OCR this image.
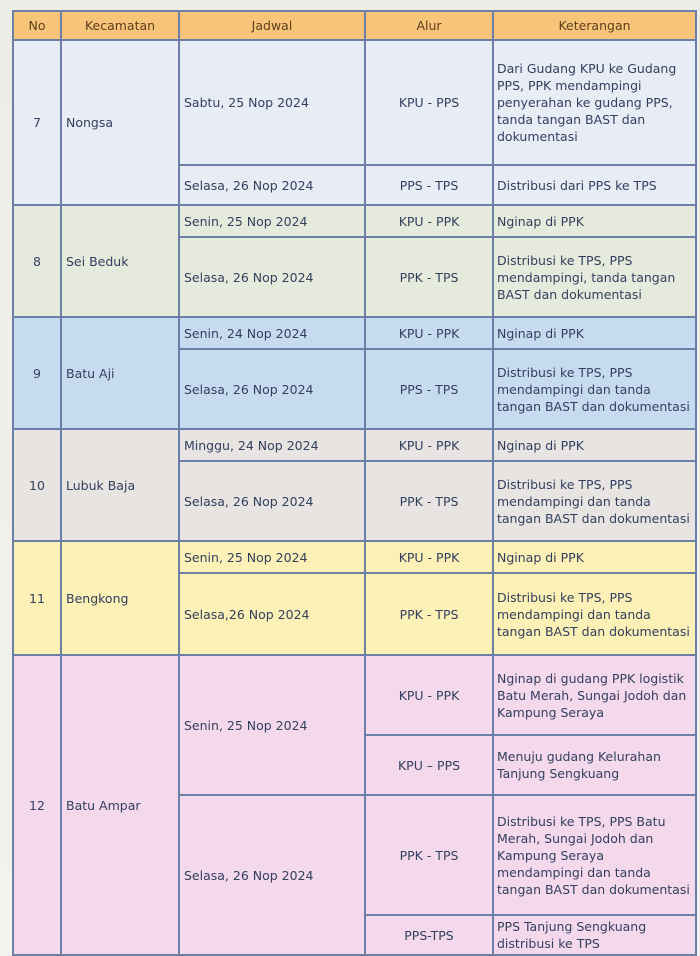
No	Kecamatan	Jadwal	Alur	Keterangan
7	Nongsa	Sabtu, 25 Nop 2024	KPU - PPS	Dari Gudang KPU ke Gudang PPS, PPK mendampingi penyerahan ke gudang PPS, tanda tangan BAST dan dokumentasi
		Selasa, 26 Nop 2024	PPS - TPS	Distribusi dari PPS ke TPS
8	Sei Beduk	Senin, 25 Nop 2024	KPU - PPK	Nginap di PPK
		Selasa, 26 Nop 2024	PPK - TPS	Distribusi ke TPS, PPS mendampingi, tanda tangan BAST dan dokumentasi
9	Batu Aji	Senin, 24 Nop 2024	KPU - PPK	Nginap di PPK
		Selasa, 26 Nop 2024	PPS - TPS	Distribusi ke TPS, PPS mendampingi dan tanda tangan BAST dan dokumentasi
10	Lubuk Baja	Minggu, 24 Nop 2024	KPU - PPK	Nginap di PPK
		Selasa, 26 Nop 2024	PPK - TPS	Distribusi ke TPS, PPS mendampingi dan tanda tangan BAST dan dokumentasi
11	Bengkong	Senin, 25 Nop 2024	KPU - PPK	Nginap di PPK
		Selasa,26 Nop 2024	PPK - TPS	Distribusi ke TPS, PPS mendampingi dan tanda tangan BAST dan dokumentasi
12	Batu Ampar	Senin, 25 Nop 2024	KPU - PPK	Nginap di gudang PPK logistik Batu Merah, Sungai Jodoh dan Kampung Seraya
			KPU – PPS	Menuju gudang Kelurahan Tanjung Sengkuang
		Selasa, 26 Nop 2024	PPK - TPS	Distribusi ke TPS, PPS Batu Merah, Sungai Jodoh dan Kampung Seraya mendampingi dan tanda tangan BAST dan dokumentasi
			PPS-TPS	PPS Tanjung Sengkuang distribusi ke TPS
